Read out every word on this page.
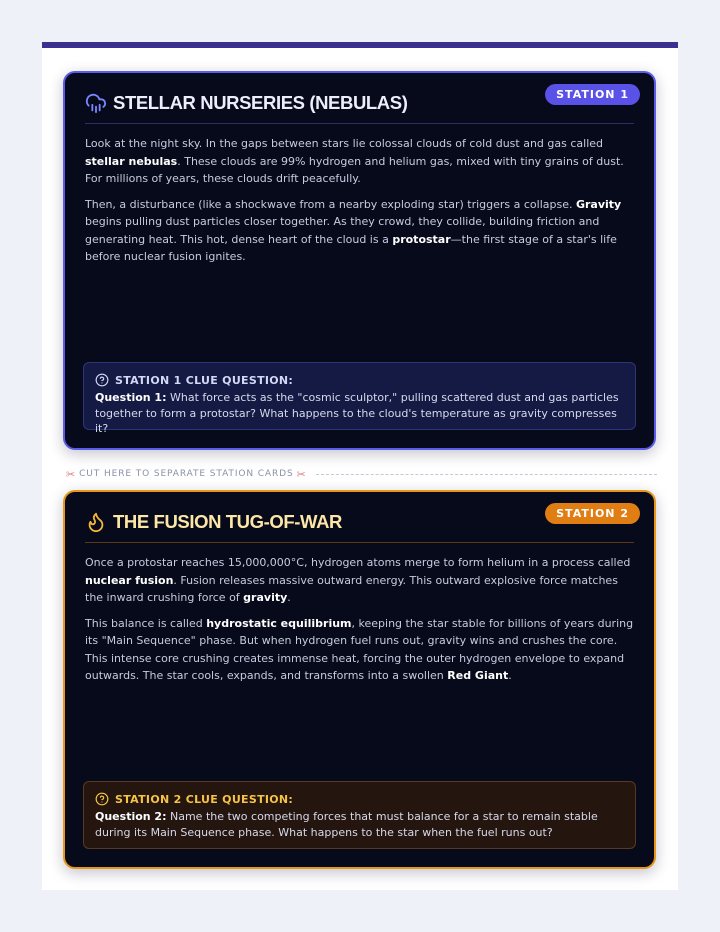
STATION 1
STELLAR NURSERIES (NEBULAS)

Look at the night sky. In the gaps between stars lie colossal clouds of cold dust and gas called stellar nebulas. These clouds are 99% hydrogen and helium gas, mixed with tiny grains of dust. For millions of years, these clouds drift peacefully.

Then, a disturbance (like a shockwave from a nearby exploding star) triggers a collapse. Gravity begins pulling dust particles closer together. As they crowd, they collide, building friction and generating heat. This hot, dense heart of the cloud is a protostar—the first stage of a star's life before nuclear fusion ignites.

STATION 1 CLUE QUESTION:

Question 1: What force acts as the "cosmic sculptor," pulling scattered dust and gas particles together to form a protostar? What happens to the cloud's temperature as gravity compresses it?

✂ CUT HERE TO SEPARATE STATION CARDS ✂
STATION 2
THE FUSION TUG-OF-WAR

Once a protostar reaches 15,000,000°C, hydrogen atoms merge to form helium in a process called nuclear fusion. Fusion releases massive outward energy. This outward explosive force matches the inward crushing force of gravity.

This balance is called hydrostatic equilibrium, keeping the star stable for billions of years during its "Main Sequence" phase. But when hydrogen fuel runs out, gravity wins and crushes the core. This intense core crushing creates immense heat, forcing the outer hydrogen envelope to expand outwards. The star cools, expands, and transforms into a swollen Red Giant.

STATION 2 CLUE QUESTION:

Question 2: Name the two competing forces that must balance for a star to remain stable during its Main Sequence phase. What happens to the star when the fuel runs out?
